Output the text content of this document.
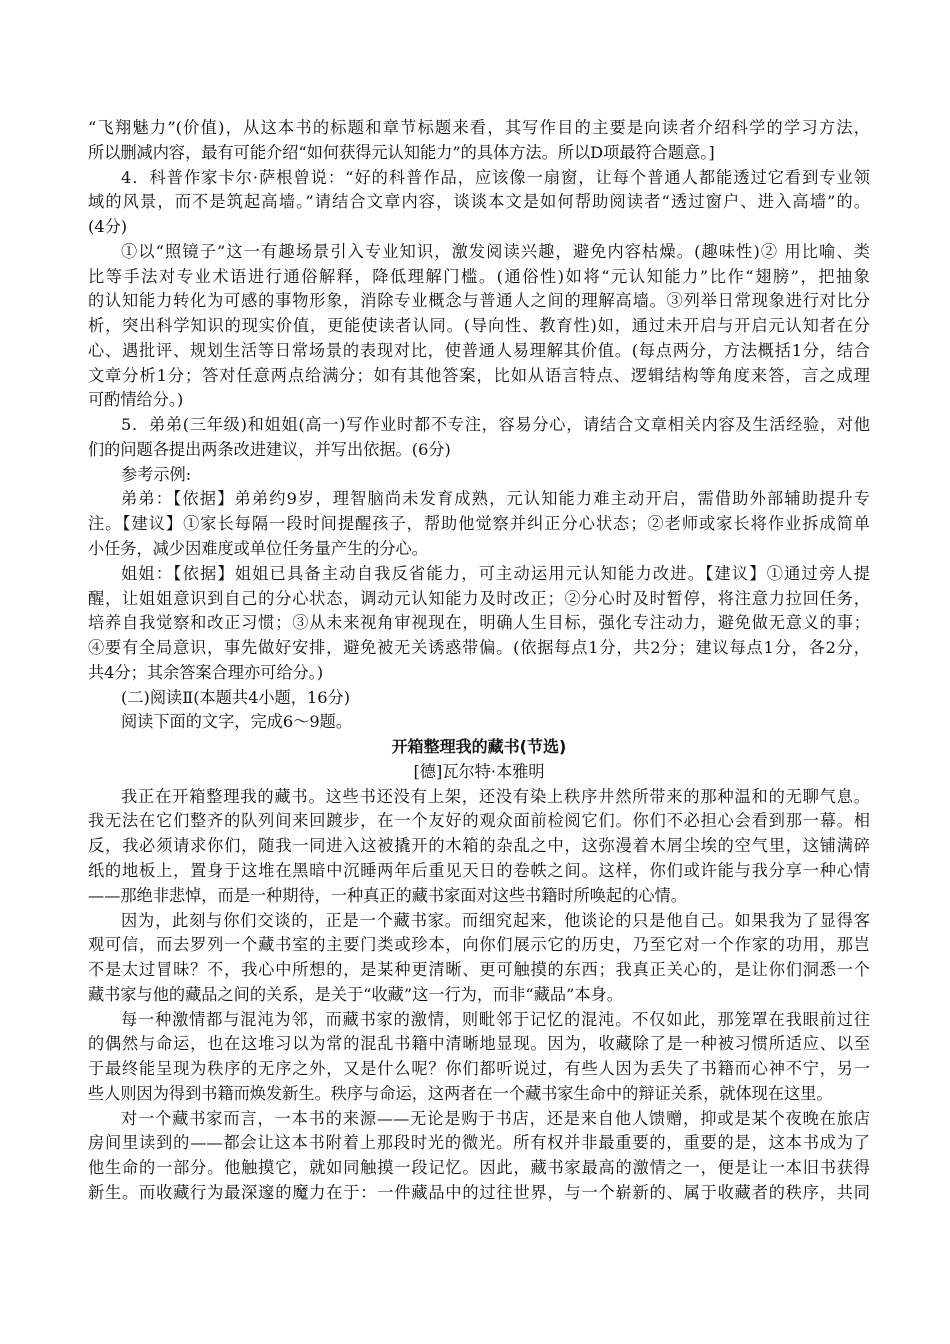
“飞翔魅力”(价值)，从这本书的标题和章节标题来看，其写作目的主要是向读者介绍科学的学习方法，
所以删减内容，最有可能介绍“如何获得元认知能力”的具体方法。所以D项最符合题意。]
4．科普作家卡尔·萨根曾说：“好的科普作品，应该像一扇窗，让每个普通人都能透过它看到专业领
域的风景，而不是筑起高墙。”请结合文章内容，谈谈本文是如何帮助阅读者“透过窗户、进入高墙”的。
(4分)
①以“照镜子”这一有趣场景引入专业知识，激发阅读兴趣，避免内容枯燥。(趣味性)② 用比喻、类
比等手法对专业术语进行通俗解释，降低理解门槛。(通俗性)如将“元认知能力”比作“翅膀”，把抽象
的认知能力转化为可感的事物形象，消除专业概念与普通人之间的理解高墙。③列举日常现象进行对比分
析，突出科学知识的现实价值，更能使读者认同。(导向性、教育性)如，通过未开启与开启元认知者在分
心、遇批评、规划生活等日常场景的表现对比，使普通人易理解其价值。(每点两分，方法概括1分，结合
文章分析1分；答对任意两点给满分；如有其他答案，比如从语言特点、逻辑结构等角度来答，言之成理
可酌情给分。)
5．弟弟(三年级)和姐姐(高一)写作业时都不专注，容易分心，请结合文章相关内容及生活经验，对他
们的问题各提出两条改进建议，并写出依据。(6分)
参考示例:
弟弟：【依据】弟弟约9岁，理智脑尚未发育成熟，元认知能力难主动开启，需借助外部辅助提升专
注。【建议】①家长每隔一段时间提醒孩子，帮助他觉察并纠正分心状态；②老师或家长将作业拆成简单
小任务，减少因难度或单位任务量产生的分心。
姐姐：【依据】姐姐已具备主动自我反省能力，可主动运用元认知能力改进。【建议】①通过旁人提
醒，让姐姐意识到自己的分心状态，调动元认知能力及时改正；②分心时及时暂停，将注意力拉回任务，
培养自我觉察和改正习惯；③从未来视角审视现在，明确人生目标，强化专注动力，避免做无意义的事；
④要有全局意识，事先做好安排，避免被无关诱惑带偏。(依据每点1分，共2分；建议每点1分，各2分，
共4分；其余答案合理亦可给分。)
(二)阅读Ⅱ(本题共4小题，16分)
阅读下面的文字，完成6～9题。
开箱整理我的藏书(节选)
[德]瓦尔特·本雅明
我正在开箱整理我的藏书。这些书还没有上架，还没有染上秩序井然所带来的那种温和的无聊气息。
我无法在它们整齐的队列间来回踱步，在一个友好的观众面前检阅它们。你们不必担心会看到那一幕。相
反，我必须请求你们，随我一同进入这被撬开的木箱的杂乱之中，这弥漫着木屑尘埃的空气里，这铺满碎
纸的地板上，置身于这堆在黑暗中沉睡两年后重见天日的卷帙之间。这样，你们或许能与我分享一种心情
——那绝非悲悼，而是一种期待，一种真正的藏书家面对这些书籍时所唤起的心情。
因为，此刻与你们交谈的，正是一个藏书家。而细究起来，他谈论的只是他自己。如果我为了显得客
观可信，而去罗列一个藏书室的主要门类或珍本，向你们展示它的历史，乃至它对一个作家的功用，那岂
不是太过冒昧？不，我心中所想的，是某种更清晰、更可触摸的东西；我真正关心的，是让你们洞悉一个
藏书家与他的藏品之间的关系，是关于“收藏”这一行为，而非“藏品”本身。
每一种激情都与混沌为邻，而藏书家的激情，则毗邻于记忆的混沌。不仅如此，那笼罩在我眼前过往
的偶然与命运，也在这堆习以为常的混乱书籍中清晰地显现。因为，收藏除了是一种被习惯所适应、以至
于最终能呈现为秩序的无序之外，又是什么呢？你们都听说过，有些人因为丢失了书籍而心神不宁，另一
些人则因为得到书籍而焕发新生。秩序与命运，这两者在一个藏书家生命中的辩证关系，就体现在这里。
对一个藏书家而言，一本书的来源——无论是购于书店，还是来自他人馈赠，抑或是某个夜晚在旅店
房间里读到的——都会让这本书附着上那段时光的微光。所有权并非最重要的，重要的是，这本书成为了
他生命的一部分。他触摸它，就如同触摸一段记忆。因此，藏书家最高的激情之一，便是让一本旧书获得
新生。而收藏行为最深邃的魔力在于：一件藏品中的过往世界，与一个崭新的、属于收藏者的秩序，共同
